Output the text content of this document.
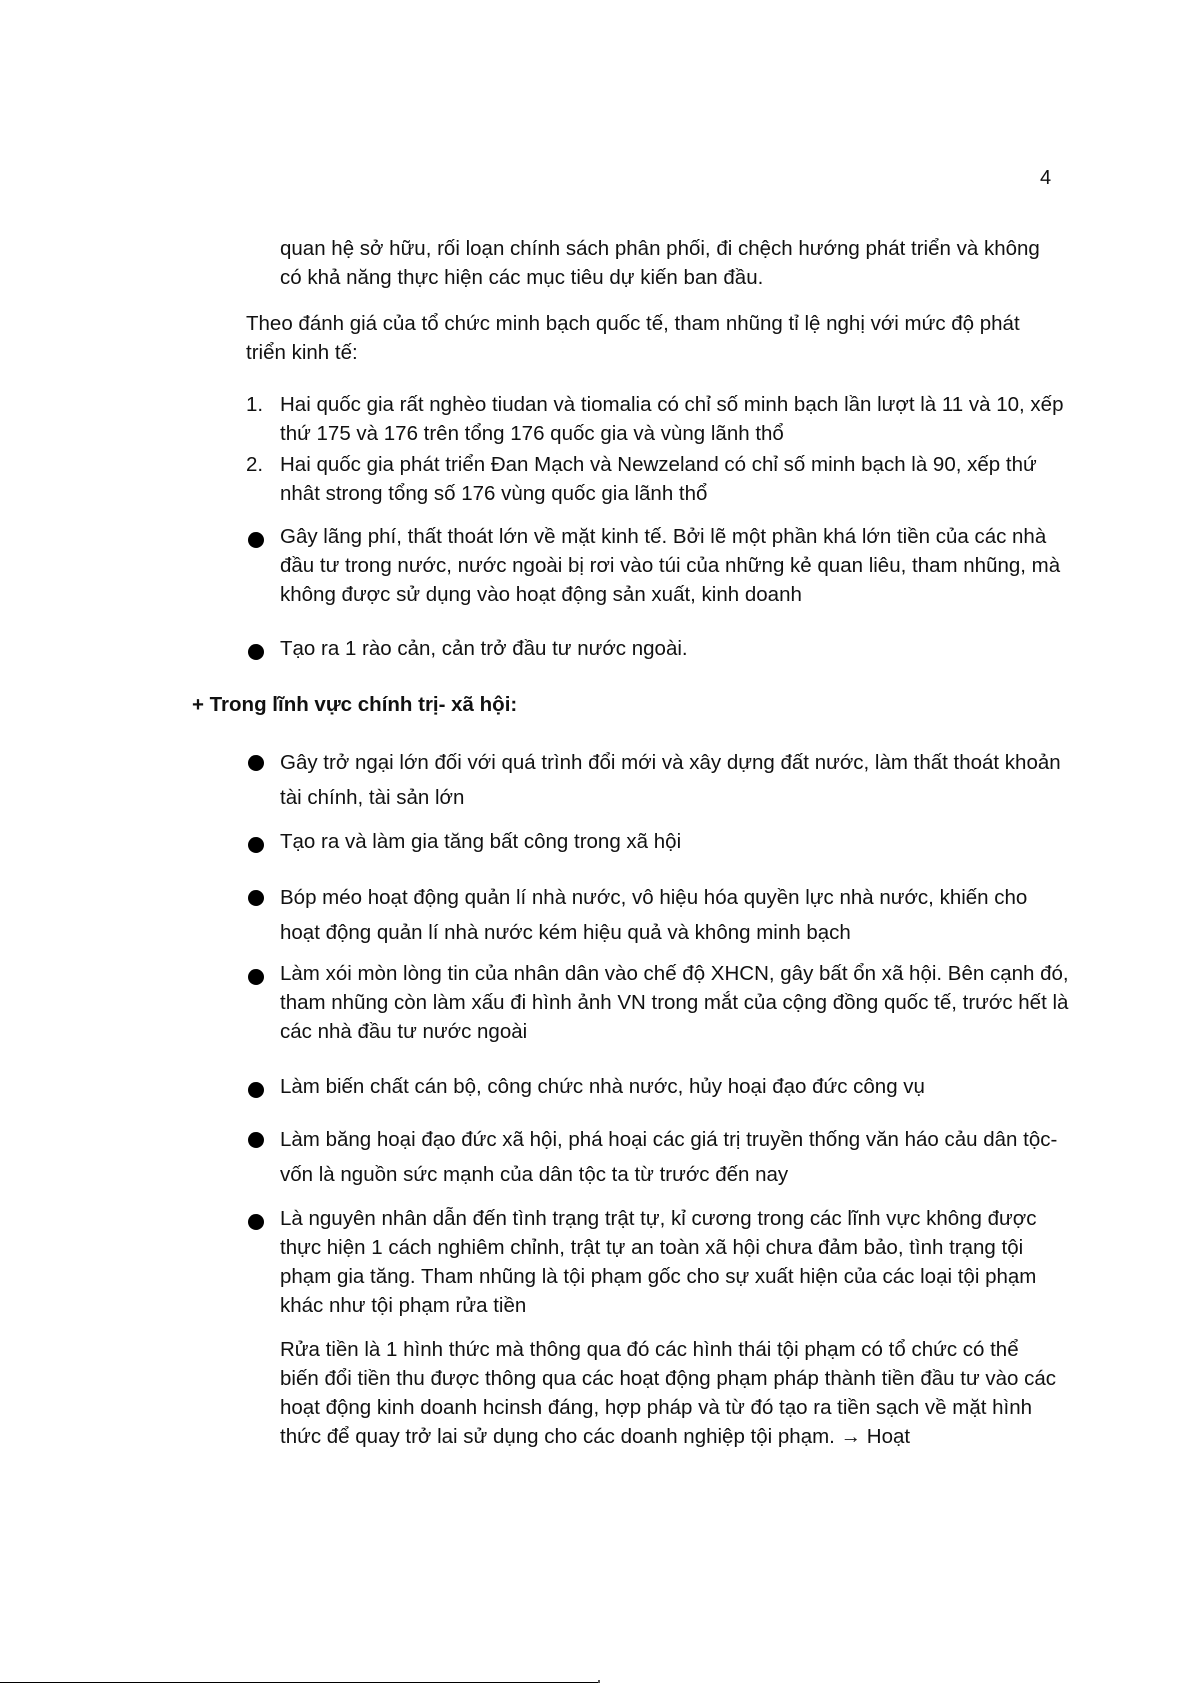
4

quan hệ sở hữu, rối loạn chính sách phân phối, đi chệch hướng phát triển và không có khả năng thực hiện các mục tiêu dự kiến ban đầu.

Theo đánh giá của tổ chức minh bạch quốc tế, tham nhũng tỉ lệ nghị với mức độ phát triển kinh tế:

1. Hai quốc gia rất nghèo tiudan và tiomalia có chỉ số minh bạch lần lượt là 11 và 10, xếp thứ 175 và 176 trên tổng 176 quốc gia và vùng lãnh thổ
2. Hai quốc gia phát triển Đan Mạch và Newzeland có chỉ số minh bạch là 90, xếp thứ nhât strong tổng số 176 vùng quốc gia lãnh thổ
Gây lãng phí, thất thoát lớn về mặt kinh tế. Bởi lẽ một phần khá lớn tiền của các nhà đầu tư trong nước, nước ngoài bị rơi vào túi của những kẻ quan liêu, tham nhũng, mà không được sử dụng vào hoạt động sản xuất, kinh doanh
Tạo ra 1 rào cản, cản trở đầu tư nước ngoài.
+ Trong lĩnh vực chính trị- xã hội:
Gây trở ngại lớn đối với quá trình đổi mới và xây dựng đất nước, làm thất thoát khoản tài chính, tài sản lớn
Tạo ra và làm gia tăng bất công trong xã hội
Bóp méo hoạt động quản lí nhà nước, vô hiệu hóa quyền lực nhà nước, khiến cho hoạt động quản lí nhà nước kém hiệu quả và không minh bạch
Làm xói mòn lòng tin của nhân dân vào chế độ XHCN, gây bất ổn xã hội. Bên cạnh đó, tham nhũng còn làm xấu đi hình ảnh VN trong mắt của cộng đồng quốc tế, trước hết là các nhà đầu tư nước ngoài
Làm biến chất cán bộ, công chức nhà nước, hủy hoại đạo đức công vụ
Làm băng hoại đạo đức xã hội, phá hoại các giá trị truyền thống văn háo cảu dân tộc- vốn là nguồn sức mạnh của dân tộc ta từ trước đến nay
Là nguyên nhân dẫn đến tình trạng trật tự, kỉ cương trong các lĩnh vực không được thực hiện 1 cách nghiêm chỉnh, trật tự an toàn xã hội chưa đảm bảo, tình trạng tội phạm gia tăng. Tham nhũng là tội phạm gốc cho sự xuất hiện của các loại tội phạm khác như tội phạm rửa tiền

Rửa tiền là 1 hình thức mà thông qua đó các hình thái tội phạm có tổ chức có thể biến đổi tiền thu được thông qua các hoạt động phạm pháp thành tiền đầu tư vào các hoạt động kinh doanh hcinsh đáng, hợp pháp và từ đó tạo ra tiền sạch về mặt hình thức để quay trở lai sử dụng cho các doanh nghiệp tội phạm. → Hoạt
